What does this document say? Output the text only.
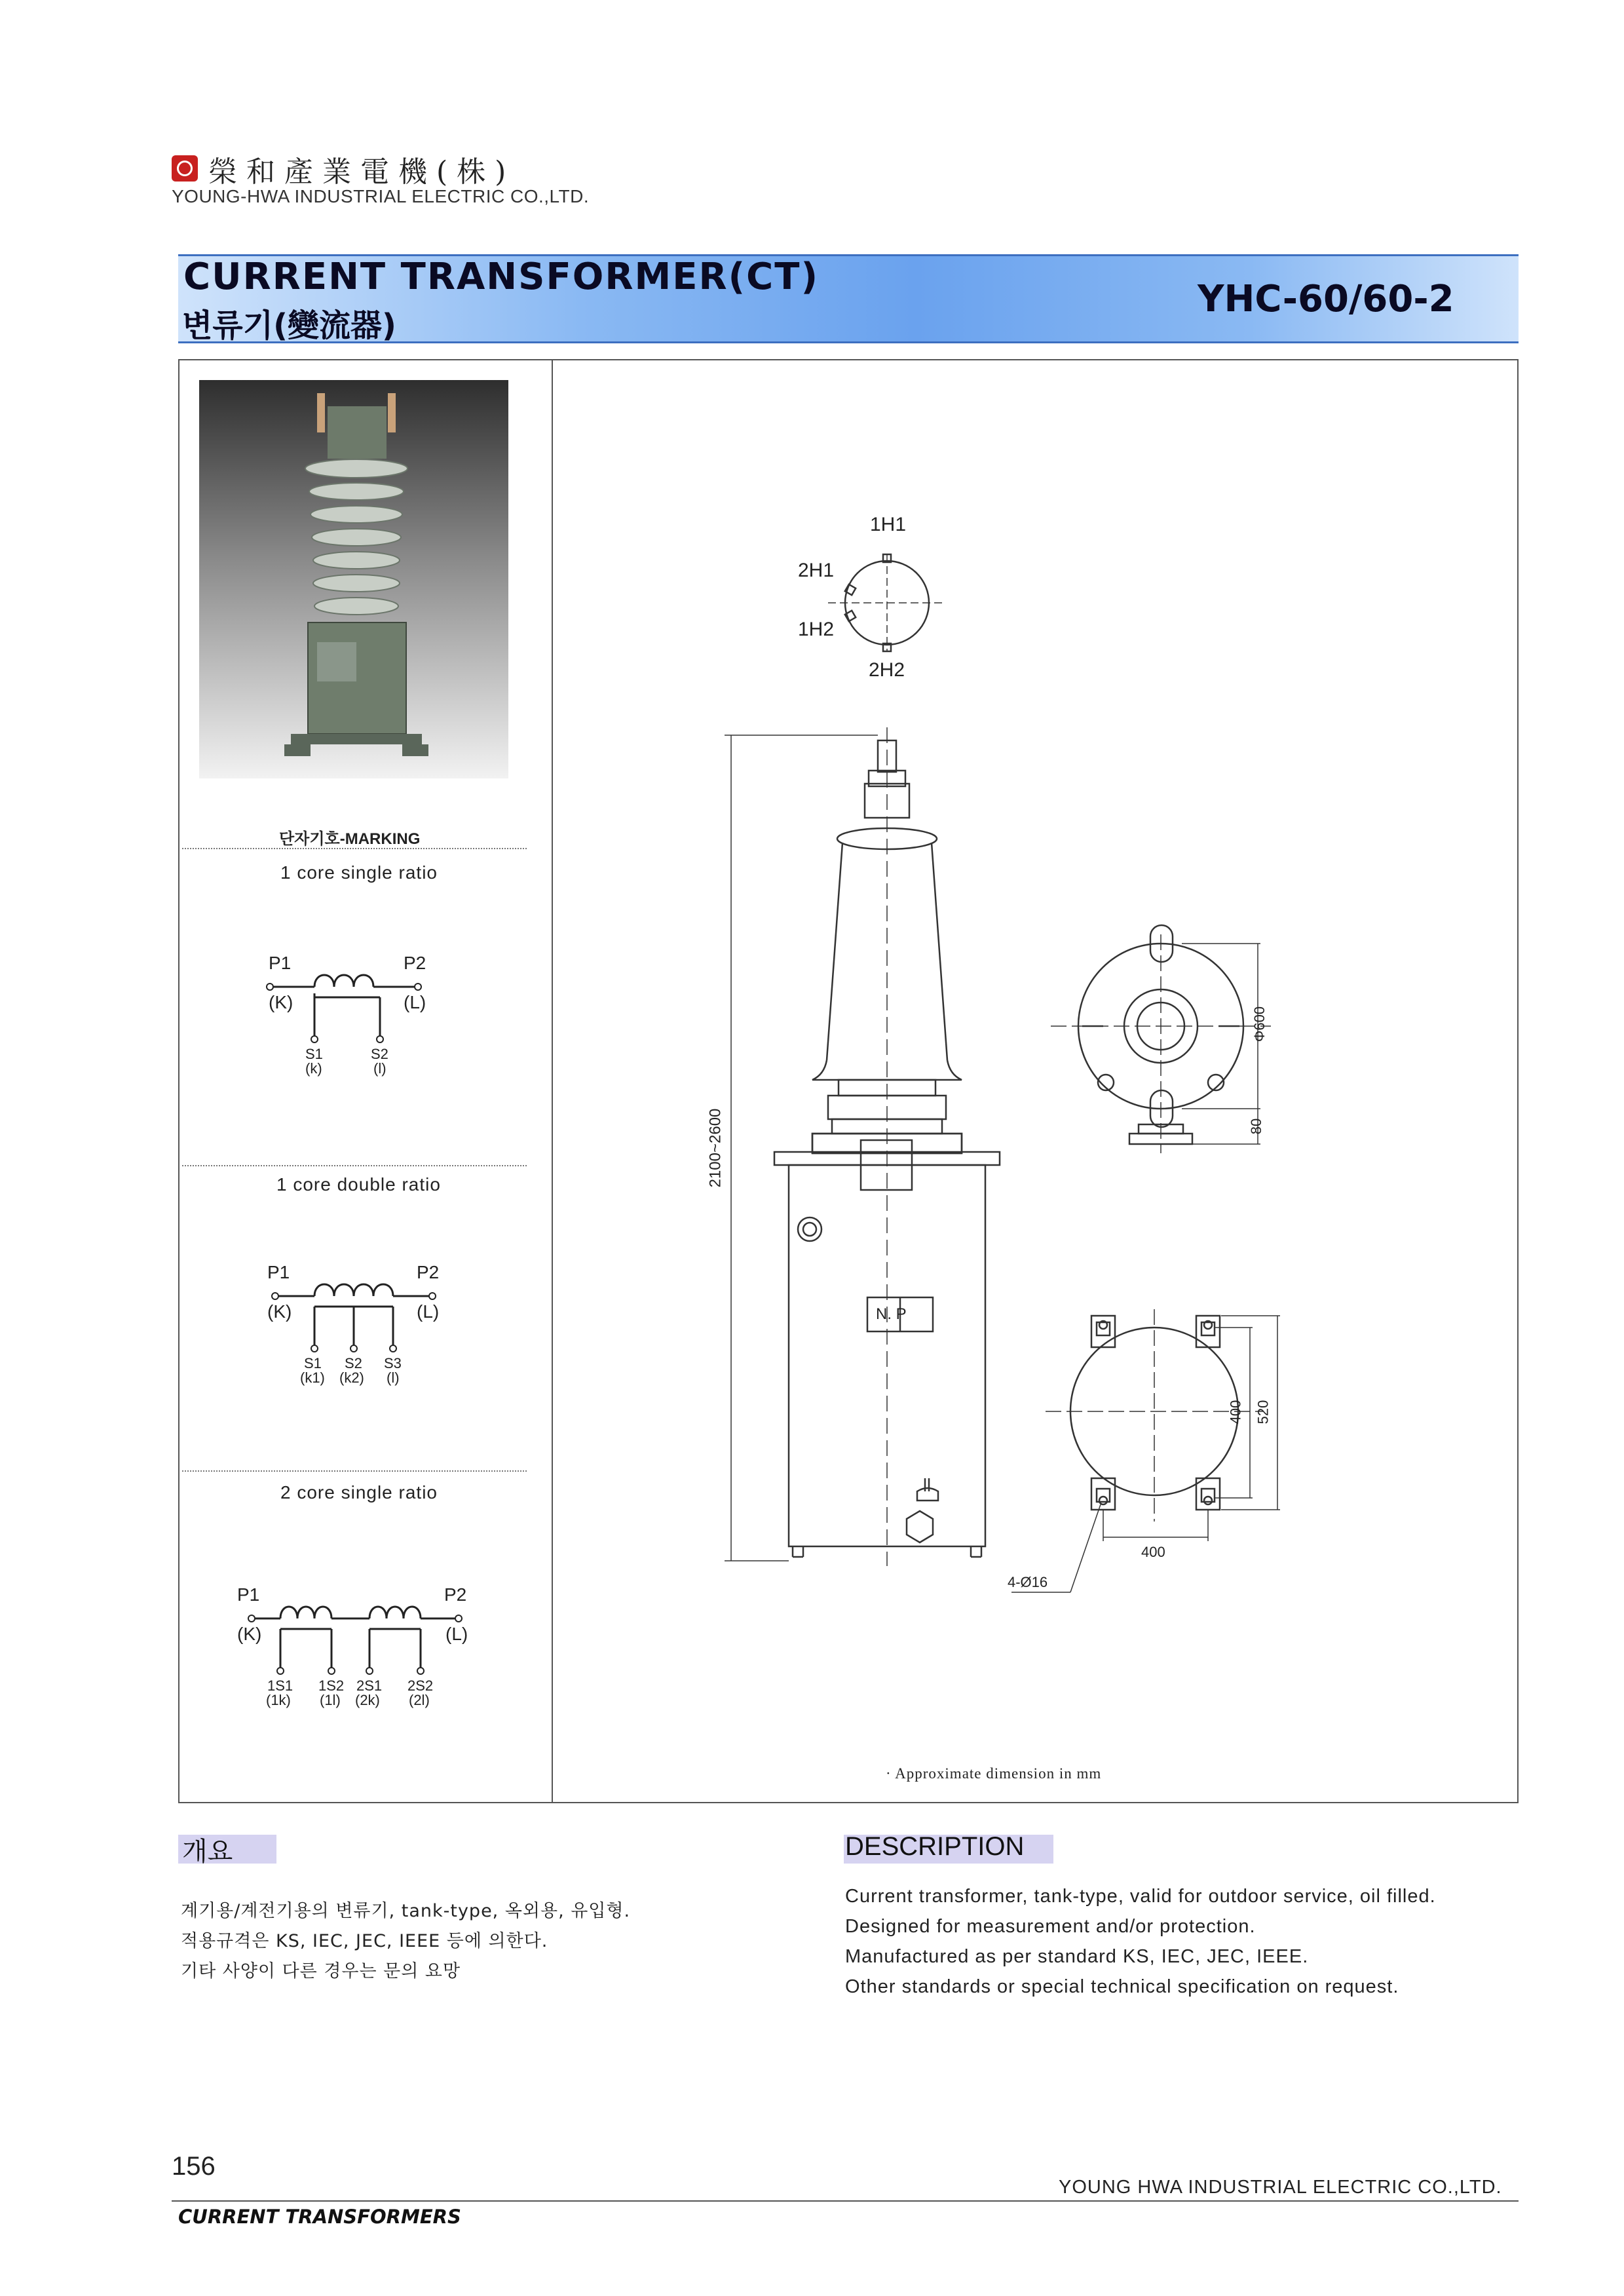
榮和產業電機(株)
YOUNG-HWA INDUSTRIAL ELECTRIC CO.,LTD.
CURRENT TRANSFORMER(CT)
변류기(變流器)
YHC-60/60-2
단자기호-MARKING
1 core single ratio
P1
(K)
P2
(L)
S1
(k)
S2
(l)
1 core double ratio
P1
(K)
P2
(L)
S1
(k1)
S2
(k2)
S3
(l)
2 core single ratio
P1
(K)
P2
(L)
1S1
(1k)
1S2
(1l)
2S1
(2k)
2S2
(2l)
1H1
2H1
1H2
2H2
2100~2600
N. P
Φ600
80
400 520
400
4-Ø16
· Approximate dimension in mm
개요
계기용/계전기용의 변류기, tank-type, 옥외용, 유입형.
적용규격은 KS, IEC, JEC, IEEE 등에 의한다.
기타 사양이 다른 경우는 문의 요망
DESCRIPTION
Current transformer, tank-type, valid for outdoor service, oil filled.
Designed for measurement and/or protection.
Manufactured as per standard KS, IEC, JEC, IEEE.
Other standards or special technical specification on request.
156
YOUNG HWA INDUSTRIAL ELECTRIC CO.,LTD.
CURRENT TRANSFORMERS
